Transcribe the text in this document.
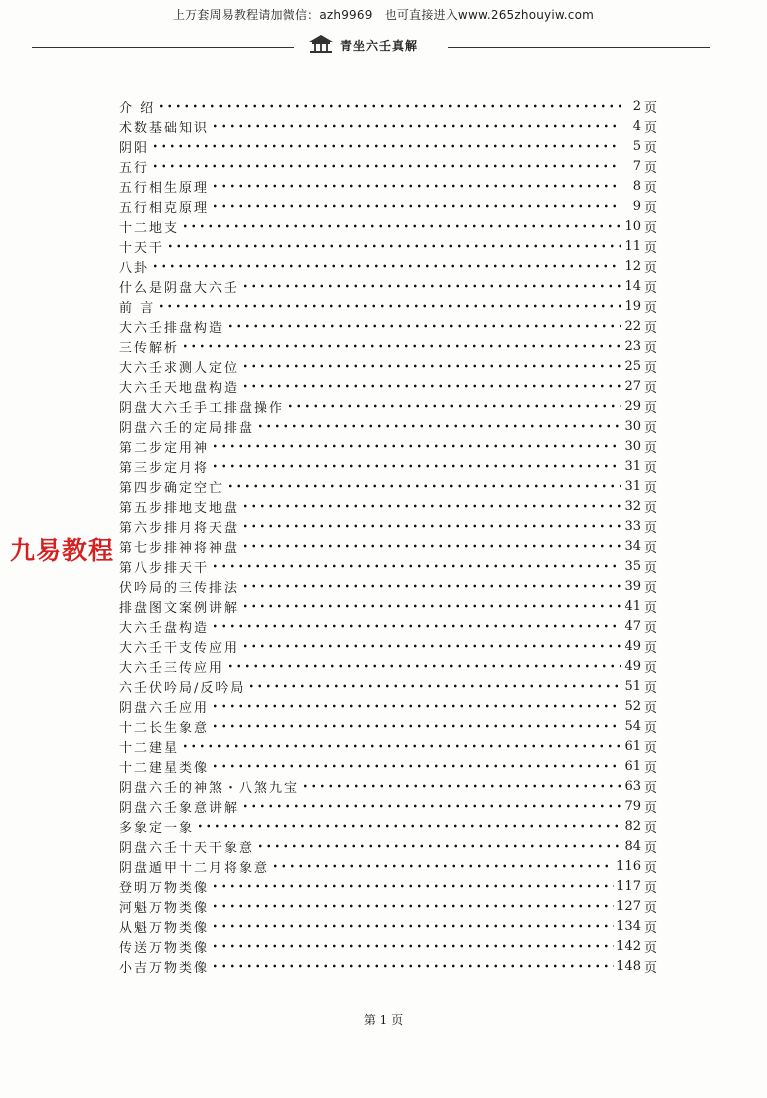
上万套周易教程请加微信：azh9969　也可直接进入www.265zhouyiw.com
青坐六壬真解
介 绍	2 页
术数基础知识	4 页
阴阳	5 页
五行	7 页
五行相生原理	8 页
五行相克原理	9 页
十二地支	10 页
十天干	11 页
八卦	12 页
什么是阴盘大六壬	14 页
前 言	19 页
大六壬排盘构造	22 页
三传解析	23 页
大六壬求测人定位	25 页
大六壬天地盘构造	27 页
阴盘大六壬手工排盘操作	29 页
阴盘六壬的定局排盘	30 页
第二步定用神	30 页
第三步定月将	31 页
第四步确定空亡	31 页
第五步排地支地盘	32 页
第六步排月将天盘	33 页
第七步排神将神盘	34 页
第八步排天干	35 页
伏吟局的三传排法	39 页
排盘图文案例讲解	41 页
大六壬盘构造	47 页
大六壬干支传应用	49 页
大六壬三传应用	49 页
六壬伏吟局/反吟局	51 页
阴盘六壬应用	52 页
十二长生象意	54 页
十二建星	61 页
十二建星类像	61 页
阴盘六壬的神煞・八煞九宝	63 页
阴盘六壬象意讲解	79 页
多象定一象	82 页
阴盘六壬十天干象意	84 页
阴盘遁甲十二月将象意	116 页
登明万物类像	117 页
河魁万物类像	127 页
从魁万物类像	134 页
传送万物类像	142 页
小吉万物类像	148 页
九易教程
第 1 页
